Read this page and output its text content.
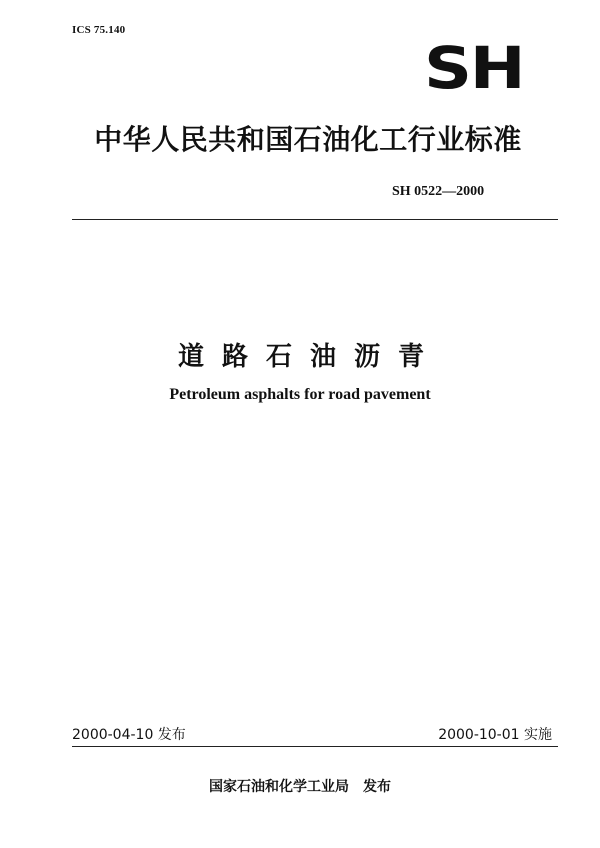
ICS 75.140
SH
中华人民共和国石油化工行业标准
SH 0522—2000
道路石油沥青
Petroleum asphalts for road pavement
2000-04-10 发布	2000-10-01 实施
国家石油和化学工业局 发布
